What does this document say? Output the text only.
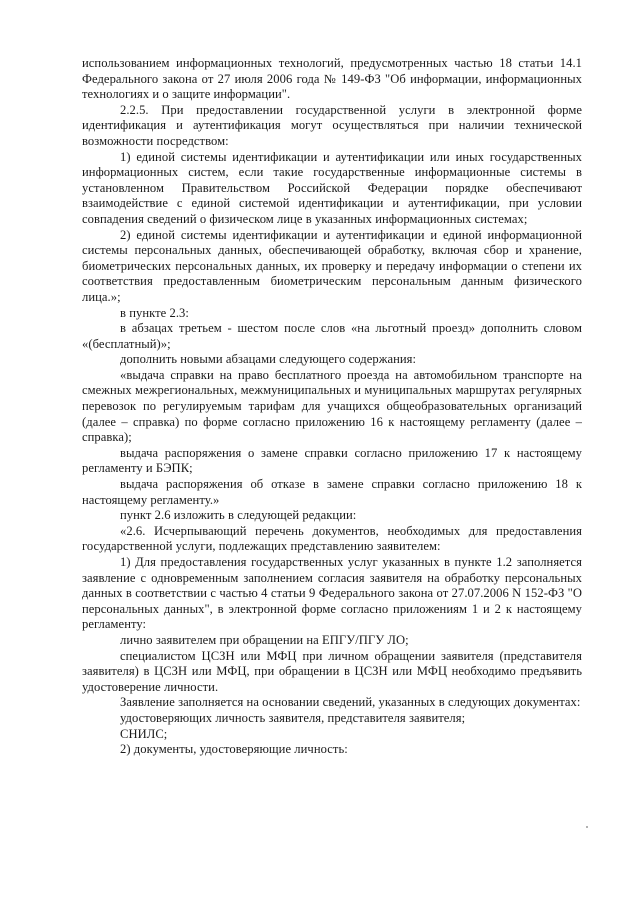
использованием информационных технологий, предусмотренных частью 18 статьи 14.1 Федерального закона от 27 июля 2006 года № 149-ФЗ "Об информации, информационных технологиях и о защите информации".

2.2.5. При предоставлении государственной услуги в электронной форме идентификация и аутентификация могут осуществляться при наличии технической возможности посредством:

1) единой системы идентификации и аутентификации или иных государственных информационных систем, если такие государственные информационные системы в установленном Правительством Российской Федерации порядке обеспечивают взаимодействие с единой системой идентификации и аутентификации, при условии совпадения сведений о физическом лице в указанных информационных системах;

2) единой системы идентификации и аутентификации и единой информационной системы персональных данных, обеспечивающей обработку, включая сбор и хранение, биометрических персональных данных, их проверку и передачу информации о степени их соответствия предоставленным биометрическим персональным данным физического лица.»;

в пункте 2.3:

в абзацах третьем - шестом после слов «на льготный проезд» дополнить словом «(бесплатный)»;

дополнить новыми абзацами следующего содержания:

«выдача справки на право бесплатного проезда на автомобильном транспорте на смежных межрегиональных, межмуниципальных и муниципальных маршрутах регулярных перевозок по регулируемым тарифам для учащихся общеобразовательных организаций (далее – справка) по форме согласно приложению 16 к настоящему регламенту (далее – справка);

выдача распоряжения о замене справки согласно приложению 17 к настоящему регламенту и БЭПК;

выдача распоряжения об отказе в замене справки согласно приложению 18 к настоящему регламенту.»

пункт 2.6 изложить в следующей редакции:

«2.6. Исчерпывающий перечень документов, необходимых для предоставления государственной услуги, подлежащих представлению заявителем:

1) Для предоставления государственных услуг указанных в пункте 1.2 заполняется заявление с одновременным заполнением согласия заявителя на обработку персональных данных в соответствии с частью 4 статьи 9 Федерального закона от 27.07.2006 N 152-ФЗ "О персональных данных", в электронной форме согласно приложениям 1 и 2 к настоящему регламенту:

лично заявителем при обращении на ЕПГУ/ПГУ ЛО;

специалистом ЦСЗН или МФЦ при личном обращении заявителя (представителя заявителя) в ЦСЗН или МФЦ, при обращении в ЦСЗН или МФЦ необходимо предъявить удостоверение личности.

Заявление заполняется на основании сведений, указанных в следующих документах:

удостоверяющих личность заявителя, представителя заявителя;

СНИЛС;

2) документы, удостоверяющие личность:
